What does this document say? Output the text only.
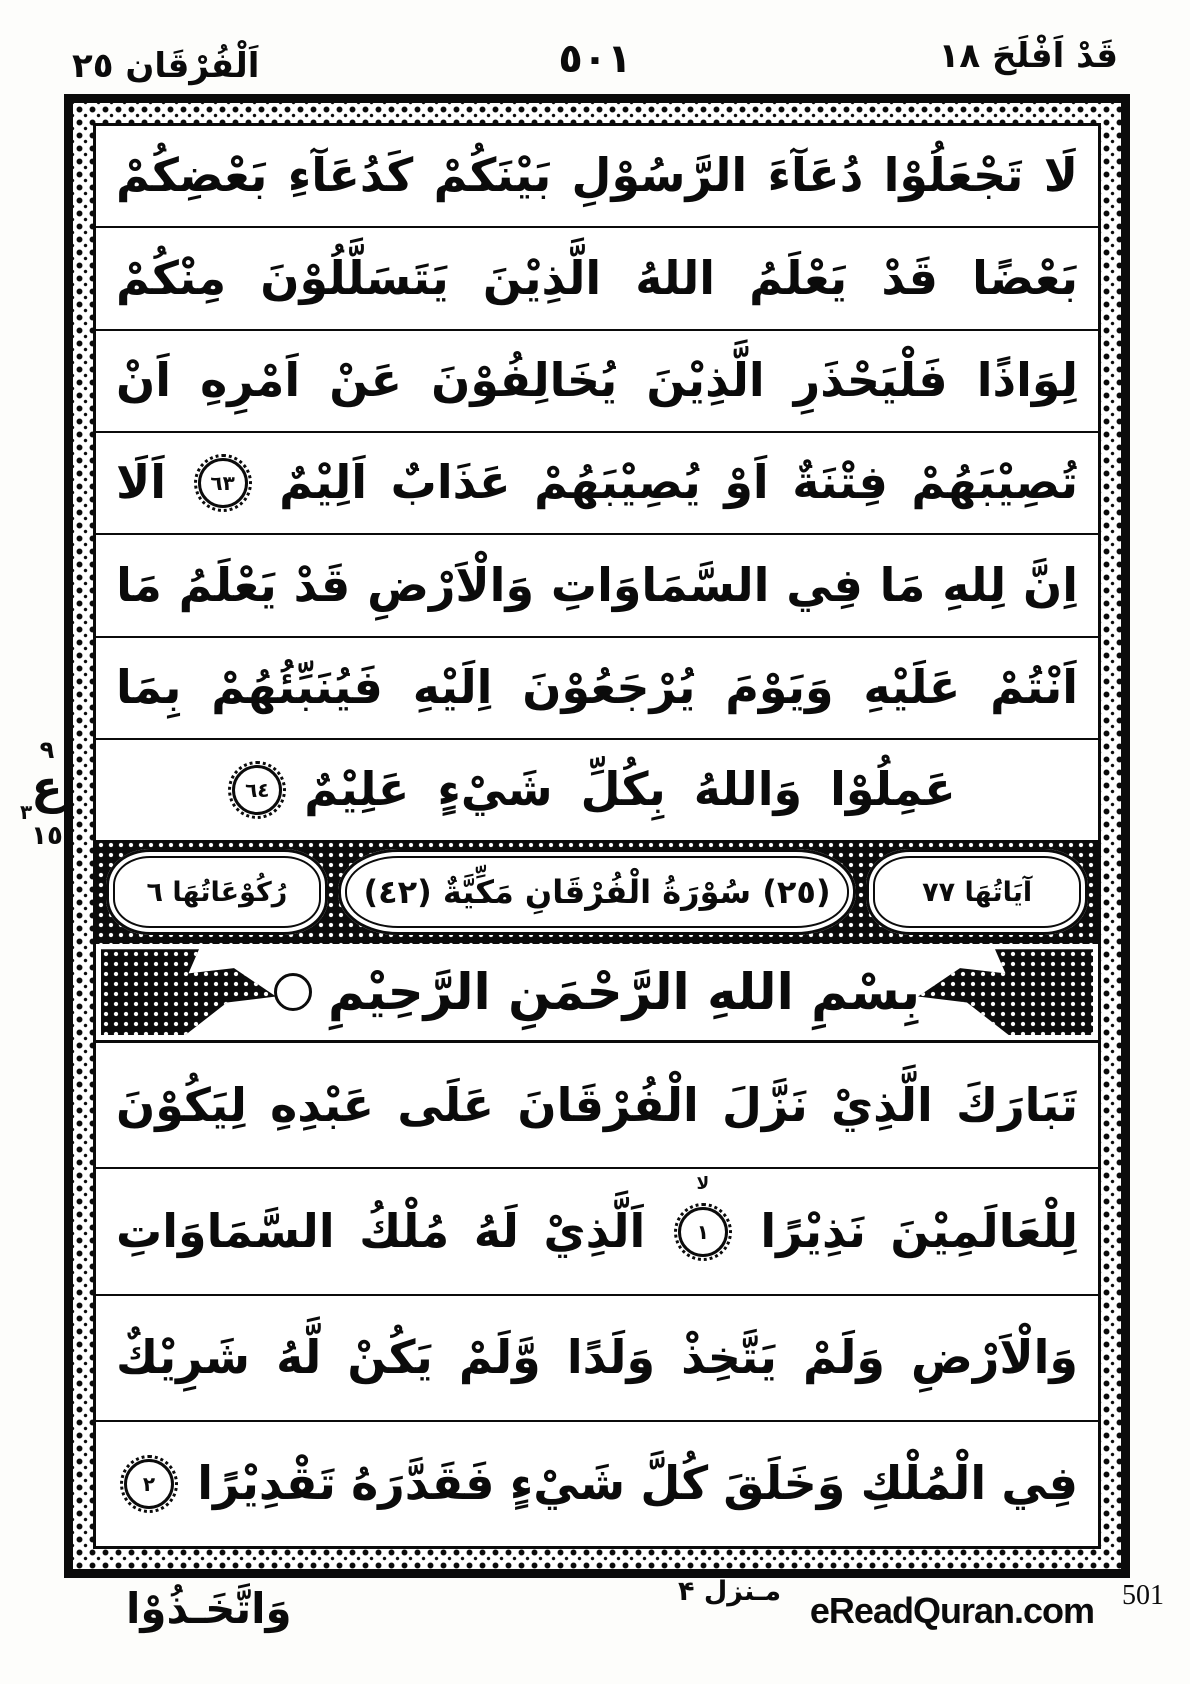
اَلْفُرْقَان ٢٥	٥٠١	قَدْ اَفْلَحَ ١٨
٩
ع
٣
١٥
لَا
تَجْعَلُوْا
دُعَآءَ
الرَّسُوْلِ
بَيْنَكُمْ
كَدُعَآءِ
بَعْضِكُمْ
بَعْضًا
قَدْ
يَعْلَمُ
اللهُ
الَّذِيْنَ
يَتَسَلَّلُوْنَ
مِنْكُمْ
لِوَاذًا
فَلْيَحْذَرِ
الَّذِيْنَ
يُخَالِفُوْنَ
عَنْ
اَمْرِهِ
اَنْ
تُصِيْبَهُمْ
فِتْنَةٌ
اَوْ
يُصِيْبَهُمْ
عَذَابٌ
اَلِيْمٌ
٦٣
اَلَا
اِنَّ
لِلهِ
مَا
فِي
السَّمَاوَاتِ
وَالْاَرْضِ
قَدْ
يَعْلَمُ
مَا
اَنْتُمْ
عَلَيْهِ
وَيَوْمَ
يُرْجَعُوْنَ
اِلَيْهِ
فَيُنَبِّئُهُمْ
بِمَا
عَمِلُوْا
وَاللهُ
بِكُلِّ
شَيْءٍ
عَلِيْمٌ
٦٤
آيَاتُهَا ٧٧
(٢٥) سُوْرَةُ الْفُرْقَانِ مَكِّيَّةٌ (٤٢)
رُكُوْعَاتُهَا ٦
بِسْمِ اللهِ الرَّحْمَنِ الرَّحِيْمِ
تَبَارَكَ
الَّذِيْ
نَزَّلَ
الْفُرْقَانَ
عَلَى
عَبْدِهِ
لِيَكُوْنَ
لِلْعَالَمِيْنَ
نَذِيْرًا
١
لا
اَلَّذِيْ
لَهُ
مُلْكُ
السَّمَاوَاتِ
وَالْاَرْضِ
وَلَمْ
يَتَّخِذْ
وَلَدًا
وَّلَمْ
يَكُنْ
لَّهُ
شَرِيْكٌ
فِي
الْمُلْكِ
وَخَلَقَ
كُلَّ
شَيْءٍ
فَقَدَّرَهُ
تَقْدِيْرًا
٢
وَاتَّخَـذُوْا	مـنزل ۴ eReadQuran.com 501
